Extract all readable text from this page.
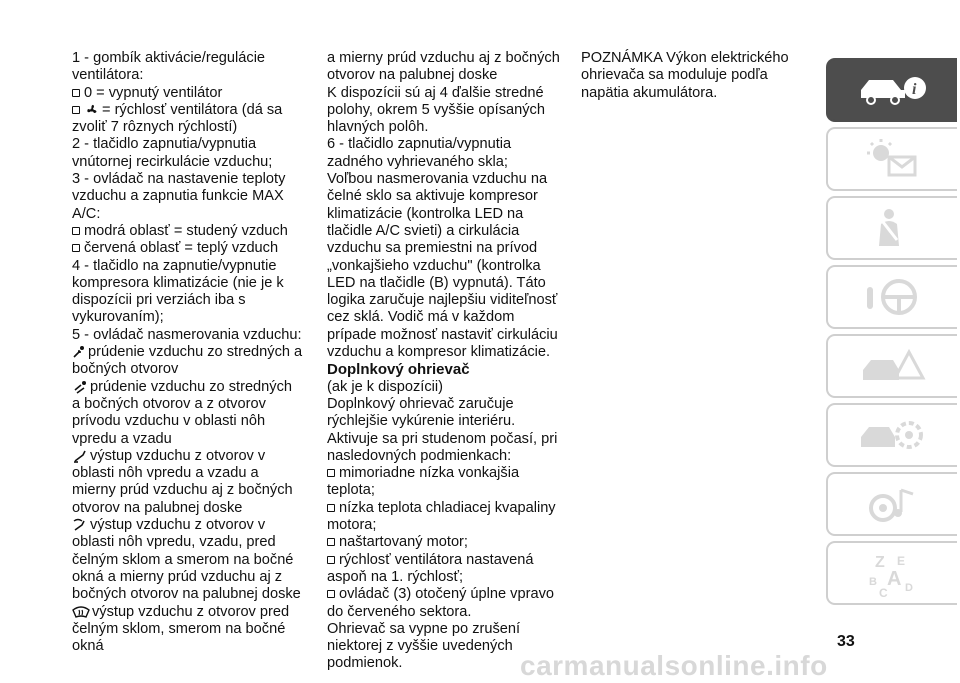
1 - gombík aktivácie/regulácie ventilátora:

0 = vypnutý ventilátor

= rýchlosť ventilátora (dá sa zvoliť 7 rôznych rýchlostí)

2 - tlačidlo zapnutia/vypnutia vnútornej recirkulácie vzduchu;

3 - ovládač na nastavenie teploty vzduchu a zapnutia funkcie MAX A/C:

modrá oblasť = studený vzduch

červená oblasť = teplý vzduch

4 - tlačidlo na zapnutie/vypnutie kompresora klimatizácie (nie je k dispozícii pri verziách iba s vykurovaním);

5 - ovládač nasmerovania vzduchu:

prúdenie vzduchu zo stredných a bočných otvorov

prúdenie vzduchu zo stredných a bočných otvorov a z otvorov prívodu vzduchu v oblasti nôh vpredu a vzadu

výstup vzduchu z otvorov v oblasti nôh vpredu a vzadu a mierny prúd vzduchu aj z bočných otvorov na palubnej doske

výstup vzduchu z otvorov v oblasti nôh vpredu, vzadu, pred čelným sklom a smerom na bočné okná a mierny prúd vzduchu aj z bočných otvorov na palubnej doske

výstup vzduchu z otvorov pred čelným sklom, smerom na bočné okná

a mierny prúd vzduchu aj z bočných otvorov na palubnej doske

K dispozícii sú aj 4 ďalšie stredné polohy, okrem 5 vyššie opísaných hlavných polôh.

6 - tlačidlo zapnutia/vypnutia zadného vyhrievaného skla;

Voľbou nasmerovania vzduchu na čelné sklo sa aktivuje kompresor klimatizácie (kontrolka LED na tlačidle A/C svieti) a cirkulácia vzduchu sa premiestni na prívod „vonkajšieho vzduchu" (kontrolka LED na tlačidle (B) vypnutá). Táto logika zaručuje najlepšiu viditeľnosť cez sklá. Vodič má v každom prípade možnosť nastaviť cirkuláciu vzduchu a kompresor klimatizácie.

Doplnkový ohrievač

(ak je k dispozícii)

Doplnkový ohrievač zaručuje rýchlejšie vykúrenie interiéru.

Aktivuje sa pri studenom počasí, pri nasledovných podmienkach:

mimoriadne nízka vonkajšia teplota;

nízka teplota chladiacej kvapaliny motora;

naštartovaný motor;

rýchlosť ventilátora nastavená aspoň na 1. rýchlosť;

ovládač (3) otočený úplne vpravo do červeného sektora.

Ohrievač sa vypne po zrušení niektorej z vyššie uvedených podmienok.

POZNÁMKA Výkon elektrického ohrievača sa moduluje podľa napätia akumulátora.	i
Z E
B A
C D
33
carmanualsonline.info
